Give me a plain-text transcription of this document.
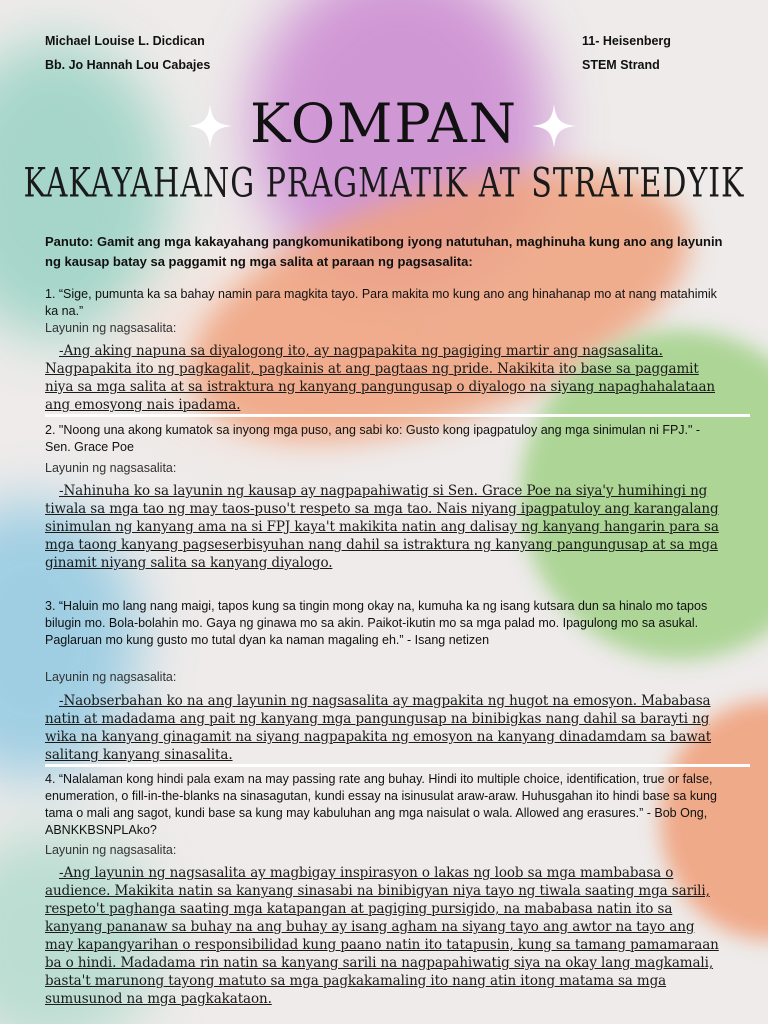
Michael Louise L. Dicdican
Bb. Jo Hannah Lou Cabajes
11- Heisenberg
STEM Strand
KOMPAN
KAKAYAHANG PRAGMATIK AT STRATEDYIK
Panuto: Gamit ang mga kakayahang pangkomunikatibong iyong natutuhan, maghinuha kung ano ang layunin ng kausap batay sa paggamit ng mga salita at paraan ng pagsasalita:
1. “Sige, pumunta ka sa bahay namin para magkita tayo. Para makita mo kung ano ang hinahanap mo at nang matahimik ka na.”
Layunin ng nagsasalita:
-Ang aking napuna sa diyalogong ito, ay nagpapakita ng pagiging martir ang nagsasalita. Nagpapakita ito ng pagkagalit, pagkainis at ang pagtaas ng pride. Nakikita ito base sa paggamit niya sa mga salita at sa istraktura ng kanyang pangungusap o diyalogo na siyang napaghahalataan ang emosyong nais ipadama.
2. "Noong una akong kumatok sa inyong mga puso, ang sabi ko: Gusto kong ipagpatuloy ang mga sinimulan ni FPJ." - Sen. Grace Poe
Layunin ng nagsasalita:
-Nahinuha ko sa layunin ng kausap ay nagpapahiwatig si Sen. Grace Poe na siya'y humihingi ng tiwala sa mga tao ng may taos-puso't respeto sa mga tao. Nais niyang ipagpatuloy ang karangalang sinimulan ng kanyang ama na si FPJ kaya't makikita natin ang dalisay ng kanyang hangarin para sa mga taong kanyang pagseserbisyuhan nang dahil sa istraktura ng kanyang pangungusap at sa mga ginamit niyang salita sa kanyang diyalogo.
3. “Haluin mo lang nang maigi, tapos kung sa tingin mong okay na, kumuha ka ng isang kutsara dun sa hinalo mo tapos bilugin mo. Bola-bolahin mo. Gaya ng ginawa mo sa akin. Paikot-ikutin mo sa mga palad mo. Ipagulong mo sa asukal. Paglaruan mo kung gusto mo tutal dyan ka naman magaling eh.” - Isang netizen
Layunin ng nagsasalita:
-Naobserbahan ko na ang layunin ng nagsasalita ay magpakita ng hugot na emosyon. Mababasa natin at madadama ang pait ng kanyang mga pangungusap na binibigkas nang dahil sa barayti ng wika na kanyang ginagamit na siyang nagpapakita ng emosyon na kanyang dinadamdam sa bawat salitang kanyang sinasalita.
4. “Nalalaman kong hindi pala exam na may passing rate ang buhay. Hindi ito multiple choice, identification, true or false, enumeration, o fill-in-the-blanks na sinasagutan, kundi essay na isinusulat araw-araw. Huhusgahan ito hindi base sa kung tama o mali ang sagot, kundi base sa kung may kabuluhan ang mga naisulat o wala. Allowed ang erasures.” - Bob Ong, ABNKKBSNPLAko?
Layunin ng nagsasalita:
-Ang layunin ng nagsasalita ay magbigay inspirasyon o lakas ng loob sa mga mambabasa o audience. Makikita natin sa kanyang sinasabi na binibigyan niya tayo ng tiwala saating mga sarili, respeto't paghanga saating mga katapangan at pagiging pursigido, na mababasa natin ito sa kanyang pananaw sa buhay na ang buhay ay isang agham na siyang tayo ang awtor na tayo ang may kapangyarihan o responsibilidad kung paano natin ito tatapusin, kung sa tamang pamamaraan ba o hindi. Madadama rin natin sa kanyang sarili na nagpapahiwatig siya na okay lang magkamali, basta't marunong tayong matuto sa mga pagkakamaling ito nang atin itong matama sa mga sumusunod na mga pagkakataon.
